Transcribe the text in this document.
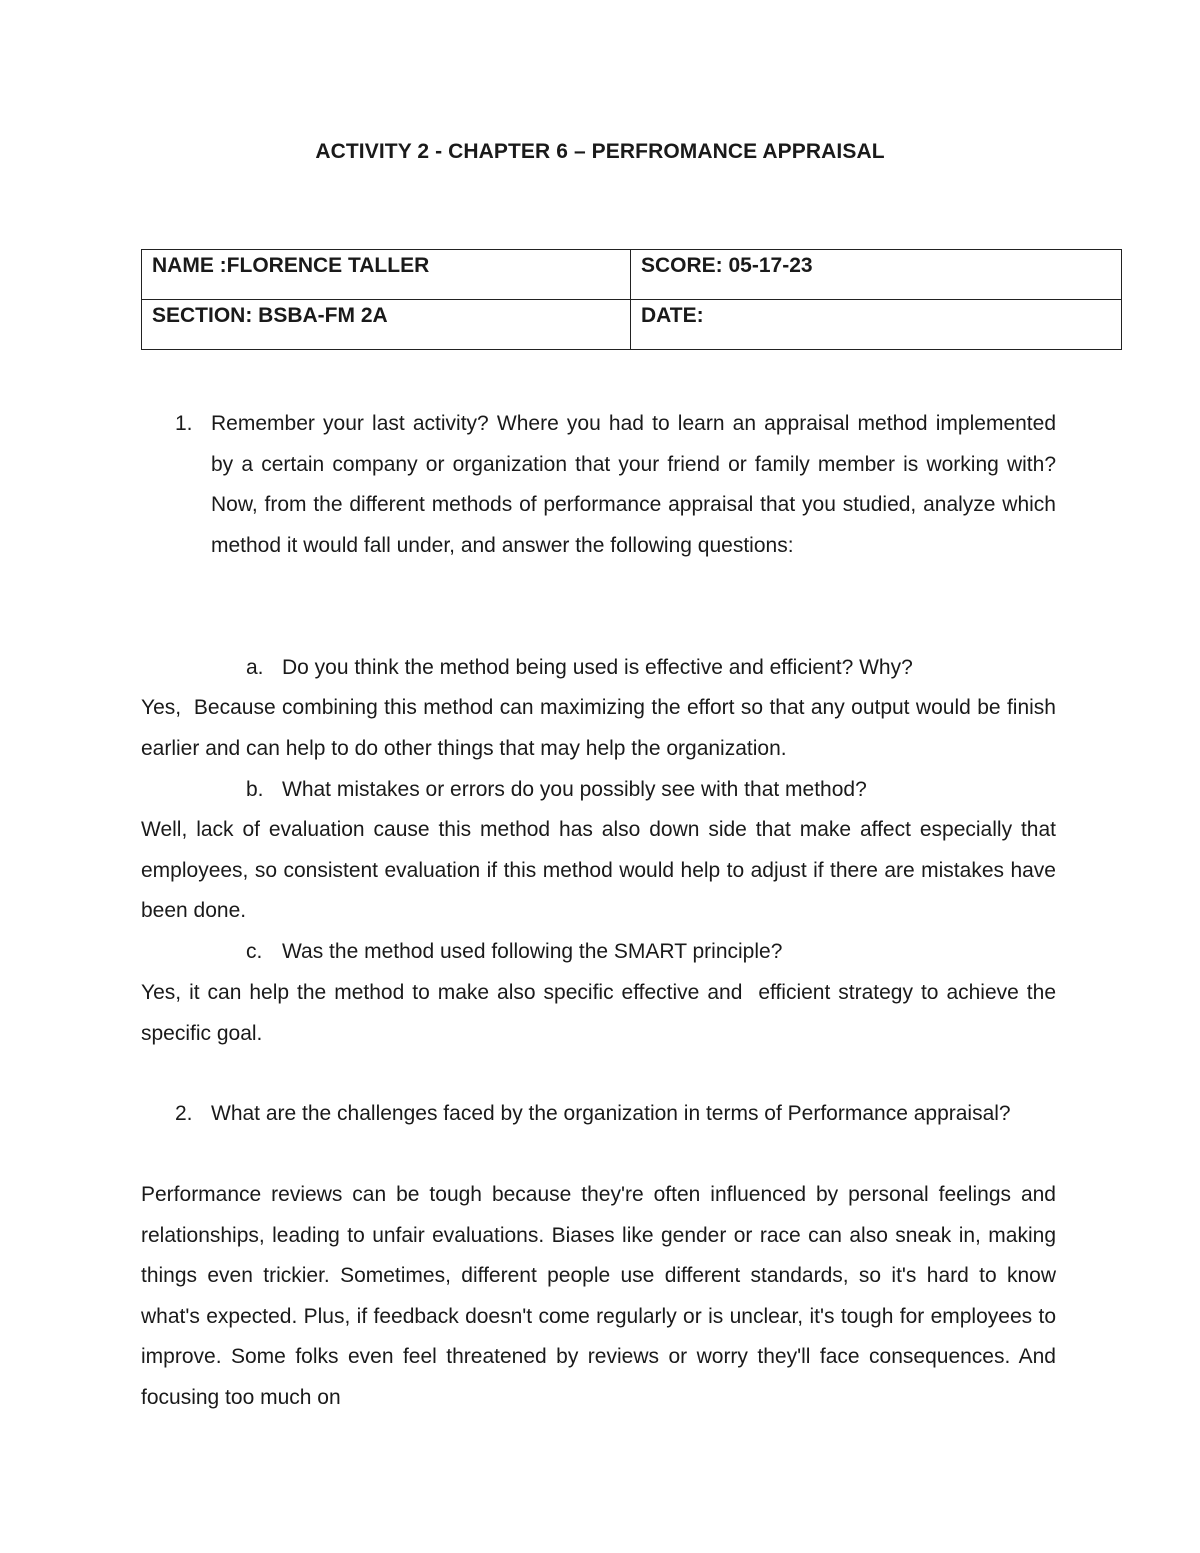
ACTIVITY 2 - CHAPTER 6 – PERFROMANCE APPRAISAL
NAME :FLORENCE TALLER	SCORE: 05-17-23
SECTION: BSBA-FM 2A	DATE:
1. Remember your last activity? Where you had to learn an appraisal method implemented by a certain company or organization that your friend or family member is working with? Now, from the different methods of performance appraisal that you studied, analyze which method it would fall under, and answer the following questions:
a. Do you think the method being used is effective and efficient? Why?
Yes,  Because combining this method can maximizing the effort so that any output would be finish earlier and can help to do other things that may help the organization.
b. What mistakes or errors do you possibly see with that method?
Well, lack of evaluation cause this method has also down side that make affect especially that employees, so consistent evaluation if this method would help to adjust if there are mistakes have been done.
c. Was the method used following the SMART principle?
Yes, it can help the method to make also specific effective and  efficient strategy to achieve the specific goal.
2. What are the challenges faced by the organization in terms of Performance appraisal?
Performance reviews can be tough because they're often influenced by personal feelings and relationships, leading to unfair evaluations. Biases like gender or race can also sneak in, making things even trickier. Sometimes, different people use different standards, so it's hard to know what's expected. Plus, if feedback doesn't come regularly or is unclear, it's tough for employees to improve. Some folks even feel threatened by reviews or worry they'll face consequences. And focusing too much on
